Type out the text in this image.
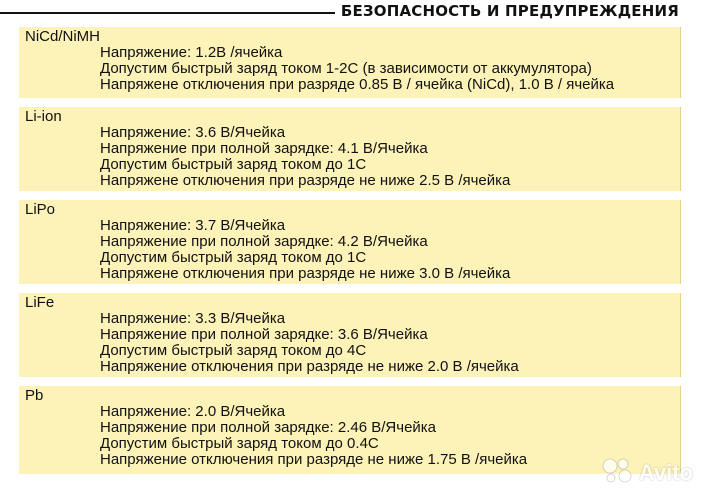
БЕЗОПАСНОСТЬ И ПРЕДУПРЕЖДЕНИЯ
NiCd/NiMH
Напряжение: 1.2В /ячейка
Допустим быстрый заряд током 1-2С (в зависимости от аккумулятора)
Напряжене отключения при разряде 0.85 В / ячейка (NiCd), 1.0 В / ячейка
Li-ion
Напряжение: 3.6 В/Ячейка
Напряжение при полной зарядке: 4.1 В/Ячейка
Допустим быстрый заряд током до 1С
Напряжене отключения при разряде не ниже 2.5 В /ячейка
LiPo
Напряжение: 3.7 В/Ячейка
Напряжение при полной зарядке: 4.2 В/Ячейка
Допустим быстрый заряд током до 1С
Напряжене отключения при разряде не ниже 3.0 В /ячейка
LiFe
Напряжение: 3.3 В/Ячейка
Напряжение при полной зарядке: 3.6 В/Ячейка
Допустим быстрый заряд током до 4С
Напряжение отключения при разряде не ниже 2.0 В /ячейка
Pb
Напряжение: 2.0 В/Ячейка
Напряжение при полной зарядке: 2.46 В/Ячейка
Допустим быстрый заряд током до 0.4С
Напряжение отключения при разряде не ниже 1.75 В /ячейка	Avito
